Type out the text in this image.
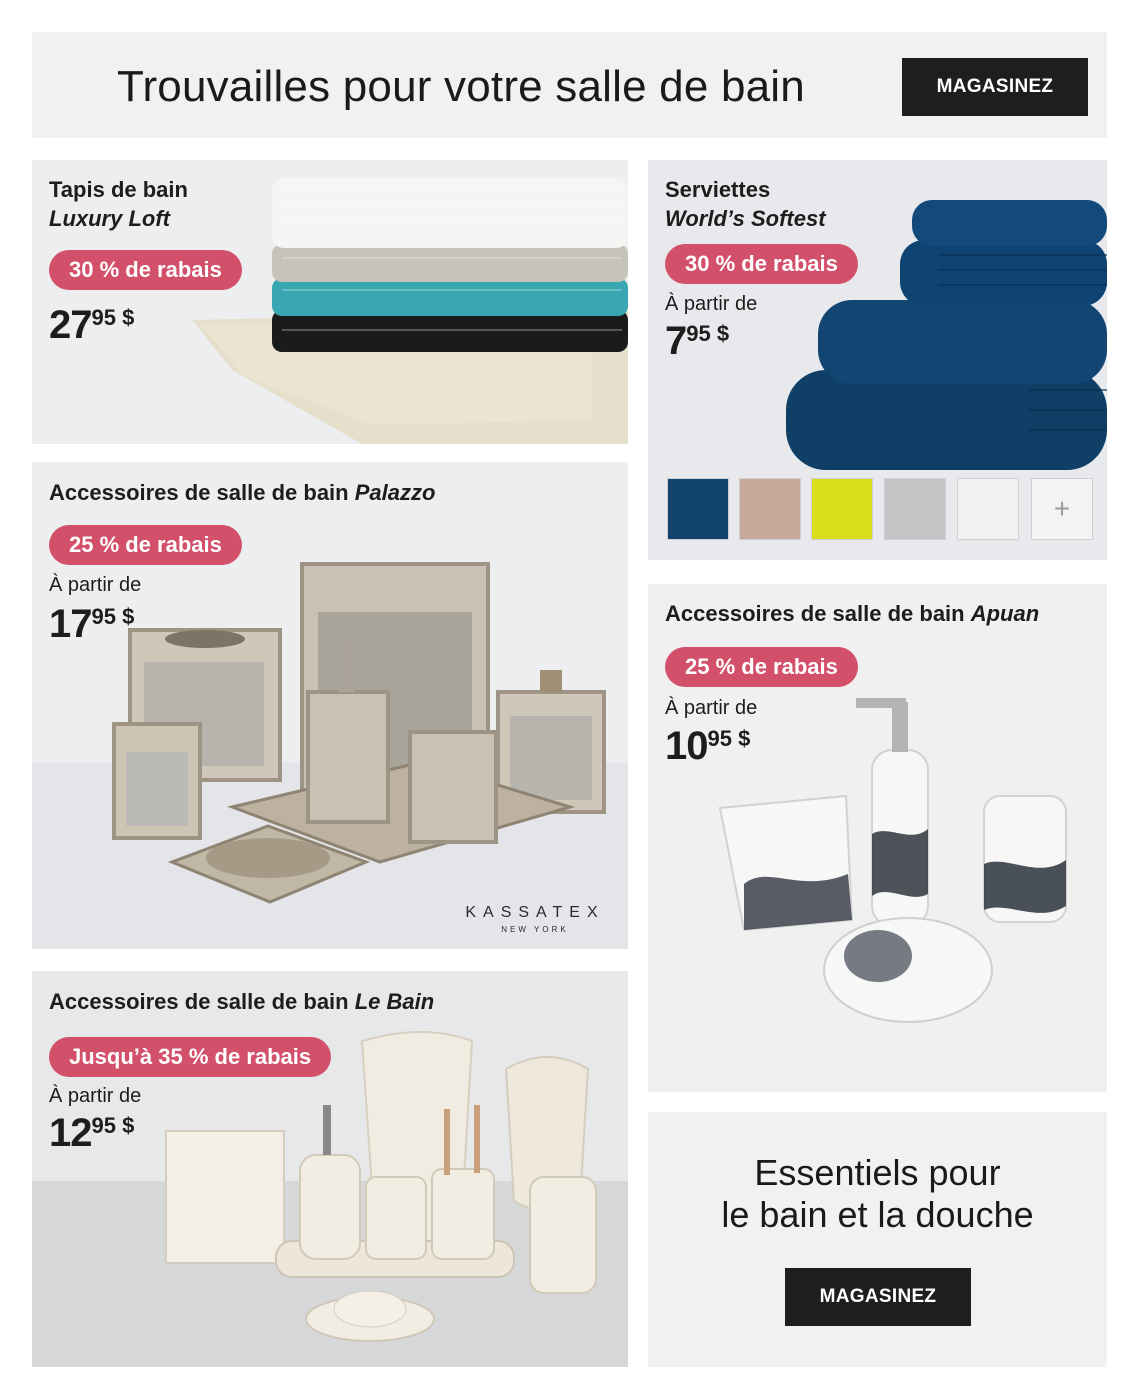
Trouvailles pour votre salle de bain	MAGASINEZ
Tapis de bain
Luxury Loft
30 % de rabais
2795 $
Serviettes
World’s Softest
30 % de rabais
À partir de
795 $
+
Accessoires de salle de bain Palazzo
25 % de rabais
À partir de
1795 $
KASSATEX
NEW YORK
Accessoires de salle de bain Apuan
25 % de rabais
À partir de
1095 $
Accessoires de salle de bain Le Bain
Jusqu’à 35 % de rabais
À partir de
1295 $
Essentiels pour
le bain et la douche
MAGASINEZ
